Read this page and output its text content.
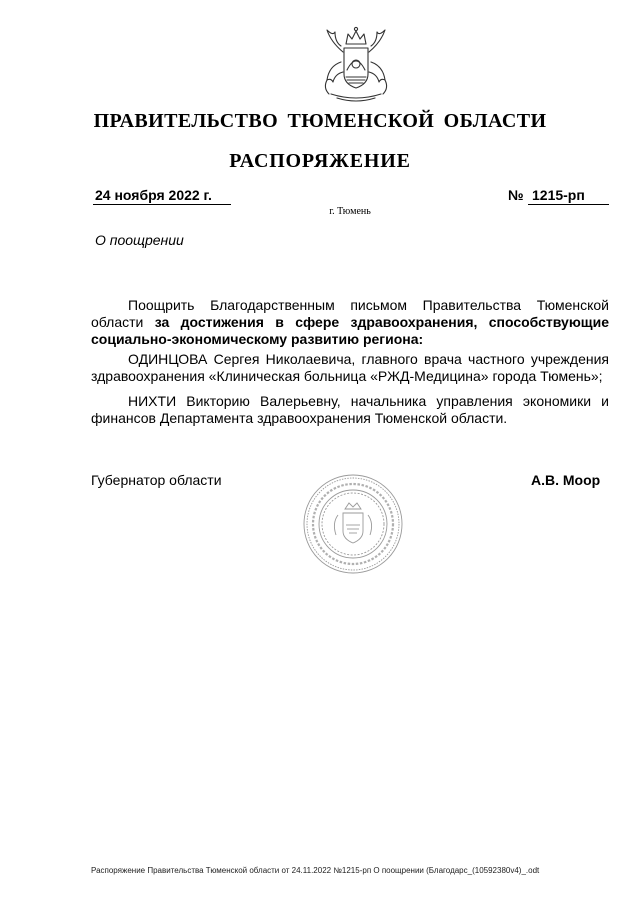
ПРАВИТЕЛЬСТВО ТЮМЕНСКОЙ ОБЛАСТИ
РАСПОРЯЖЕНИЕ
24 ноября 2022 г.	№ 1215-рп
г. Тюмень
О поощрении
Поощрить Благодарственным письмом Правительства Тюменской области за достижения в сфере здравоохранения, способствующие социально-экономическому развитию региона:
ОДИНЦОВА Сергея Николаевича, главного врача частного учреждения здравоохранения «Клиническая больница «РЖД-Медицина» города Тюмень»;
НИХТИ Викторию Валерьевну, начальника управления экономики и финансов Департамента здравоохранения Тюменской области.
Губернатор области	А.В. Моор
Распоряжение Правительства Тюменской области от 24.11.2022 №1215-рп О поощрении (Благодарс_(10592380v4)_.odt
